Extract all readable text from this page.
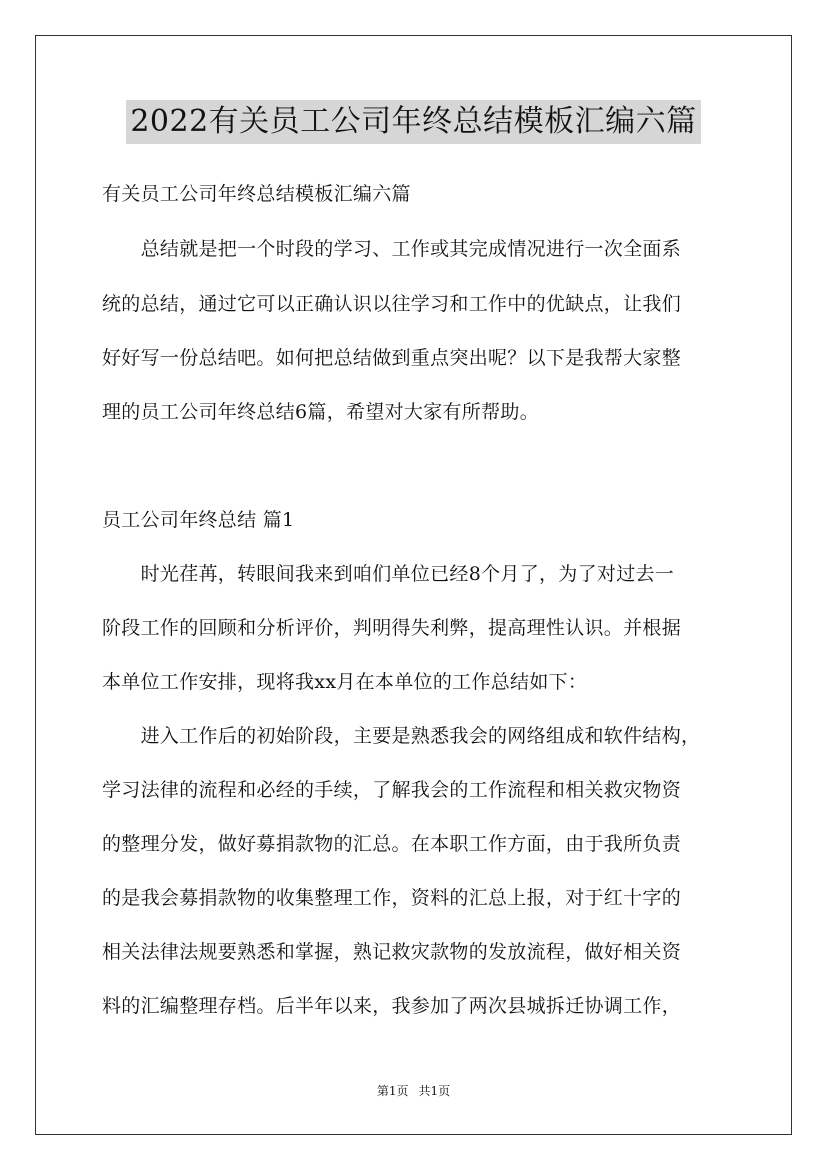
2022有关员工公司年终总结模板汇编六篇
有关员工公司年终总结模板汇编六篇
　　总结就是把一个时段的学习、工作或其完成情况进行一次全面系
统的总结，通过它可以正确认识以往学习和工作中的优缺点，让我们
好好写一份总结吧。如何把总结做到重点突出呢？以下是我帮大家整
理的员工公司年终总结6篇，希望对大家有所帮助。
员工公司年终总结 篇1
　　时光荏苒，转眼间我来到咱们单位已经8个月了，为了对过去一
阶段工作的回顾和分析评价，判明得失利弊，提高理性认识。并根据
本单位工作安排，现将我xx月在本单位的工作总结如下：
　　进入工作后的初始阶段，主要是熟悉我会的网络组成和软件结构，
学习法律的流程和必经的手续，了解我会的工作流程和相关救灾物资
的整理分发，做好募捐款物的汇总。在本职工作方面，由于我所负责
的是我会募捐款物的收集整理工作，资料的汇总上报，对于红十字的
相关法律法规要熟悉和掌握，熟记救灾款物的发放流程，做好相关资
料的汇编整理存档。后半年以来，我参加了两次县城拆迁协调工作，
第1页 共1页
